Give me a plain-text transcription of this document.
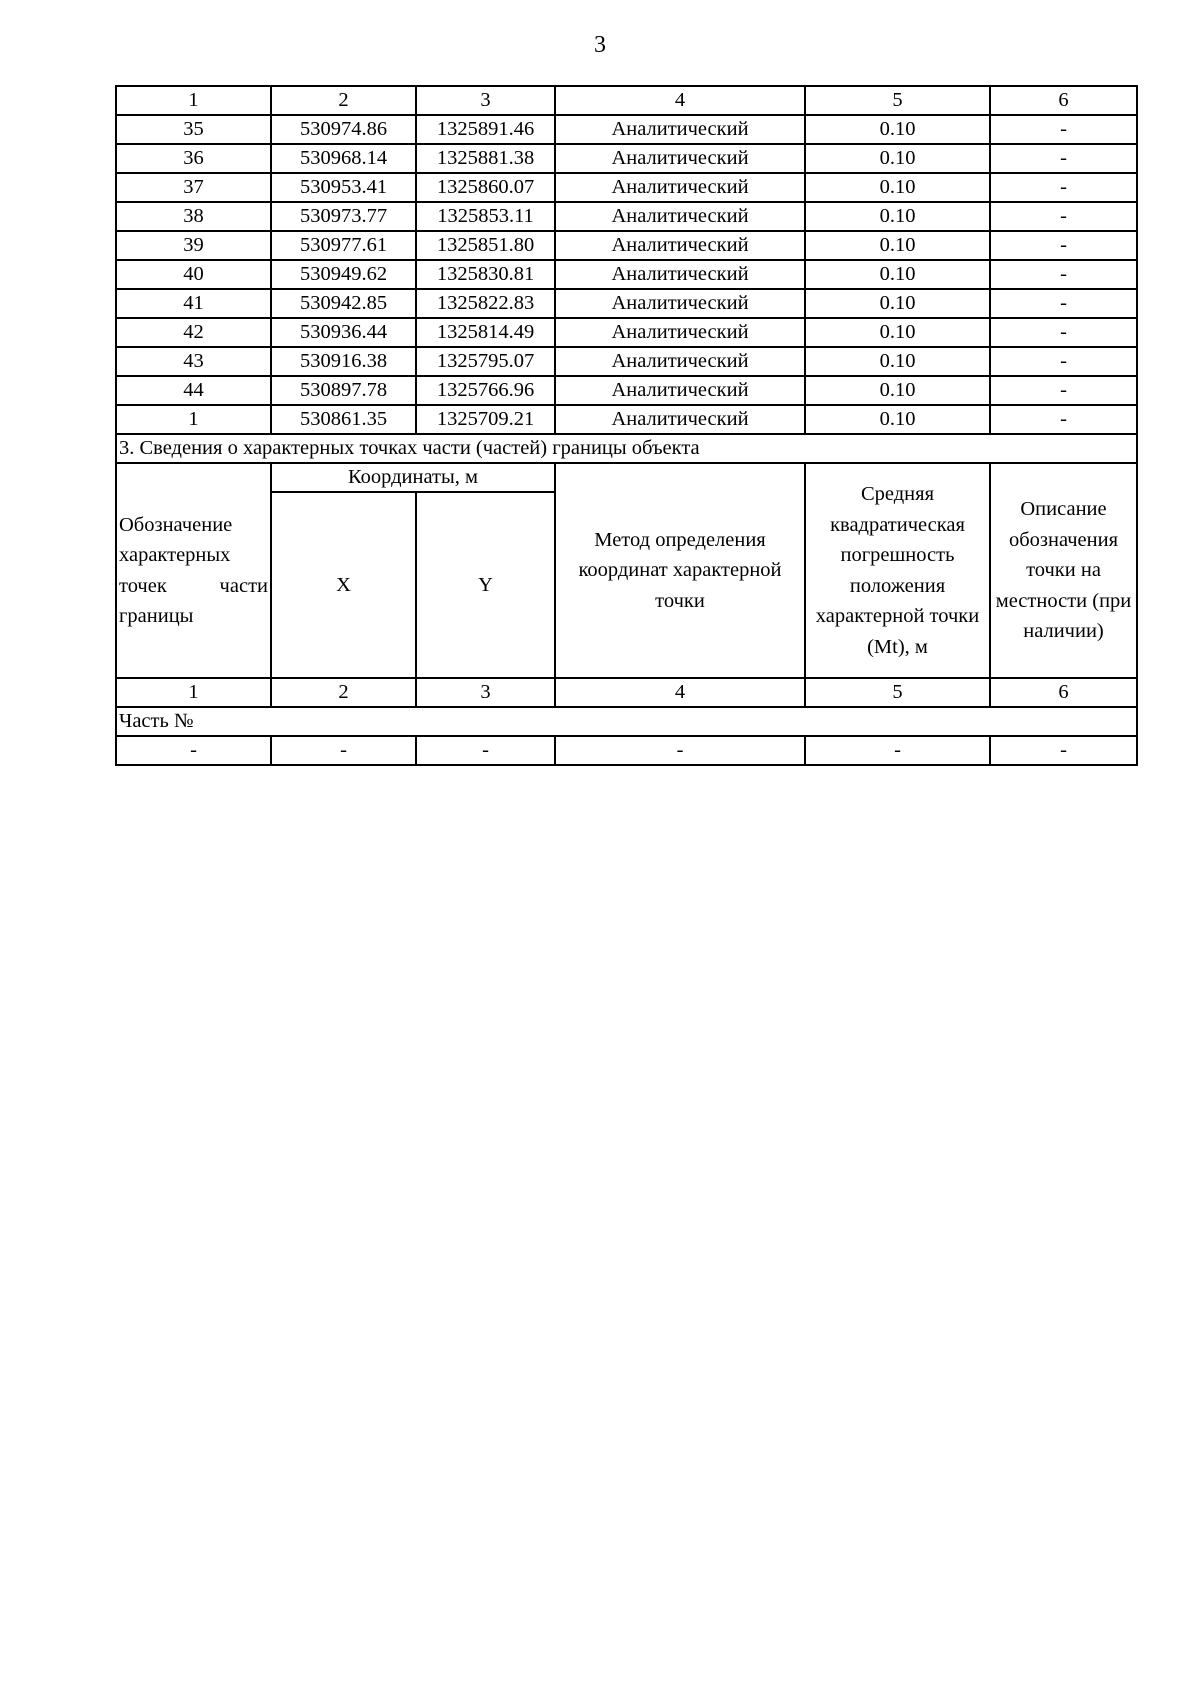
3
1	2	3	4	5	6
35	530974.86	1325891.46	Аналитический	0.10	-
36	530968.14	1325881.38	Аналитический	0.10	-
37	530953.41	1325860.07	Аналитический	0.10	-
38	530973.77	1325853.11	Аналитический	0.10	-
39	530977.61	1325851.80	Аналитический	0.10	-
40	530949.62	1325830.81	Аналитический	0.10	-
41	530942.85	1325822.83	Аналитический	0.10	-
42	530936.44	1325814.49	Аналитический	0.10	-
43	530916.38	1325795.07	Аналитический	0.10	-
44	530897.78	1325766.96	Аналитический	0.10	-
1	530861.35	1325709.21	Аналитический	0.10	-
3. Сведения о характерных точках части (частей) границы объекта					
Обозначение характерных точек части границы	Координаты, м		Метод определения координат характерной точки	Средняя квадратическая погрешность положения характерной точки (Mt), м	Описание обозначения точки на местности (при наличии)
	X	Y			
1	2	3	4	5	6
Часть №					
-	-	-	-	-	-
